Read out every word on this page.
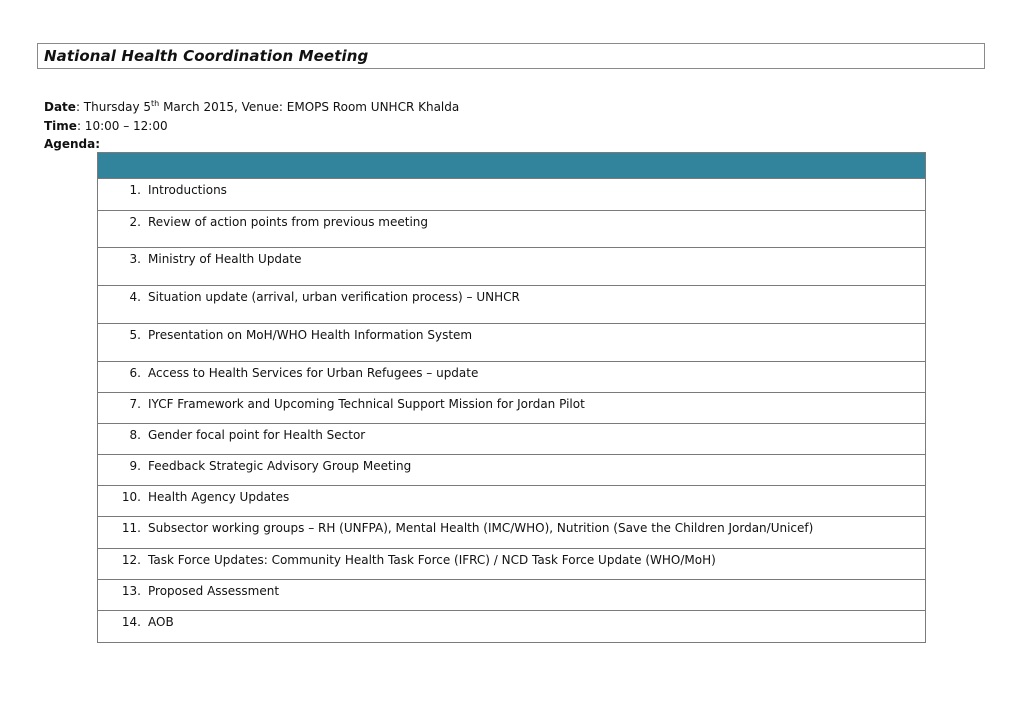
National Health Coordination Meeting
Date: Thursday 5th March 2015, Venue: EMOPS Room UNHCR Khalda
Time: 10:00 – 12:00
Agenda:

1. Introductions

2. Review of action points from previous meeting

3. Ministry of Health Update

4. Situation update (arrival, urban verification process) – UNHCR

5. Presentation on MoH/WHO Health Information System

6. Access to Health Services for Urban Refugees – update

7. IYCF Framework and Upcoming Technical Support Mission for Jordan Pilot

8. Gender focal point for Health Sector

9. Feedback Strategic Advisory Group Meeting

10. Health Agency Updates

11. Subsector working groups – RH (UNFPA), Mental Health (IMC/WHO), Nutrition (Save the Children Jordan/Unicef)

12. Task Force Updates: Community Health Task Force (IFRC) / NCD Task Force Update (WHO/MoH)

13. Proposed Assessment

14. AOB
